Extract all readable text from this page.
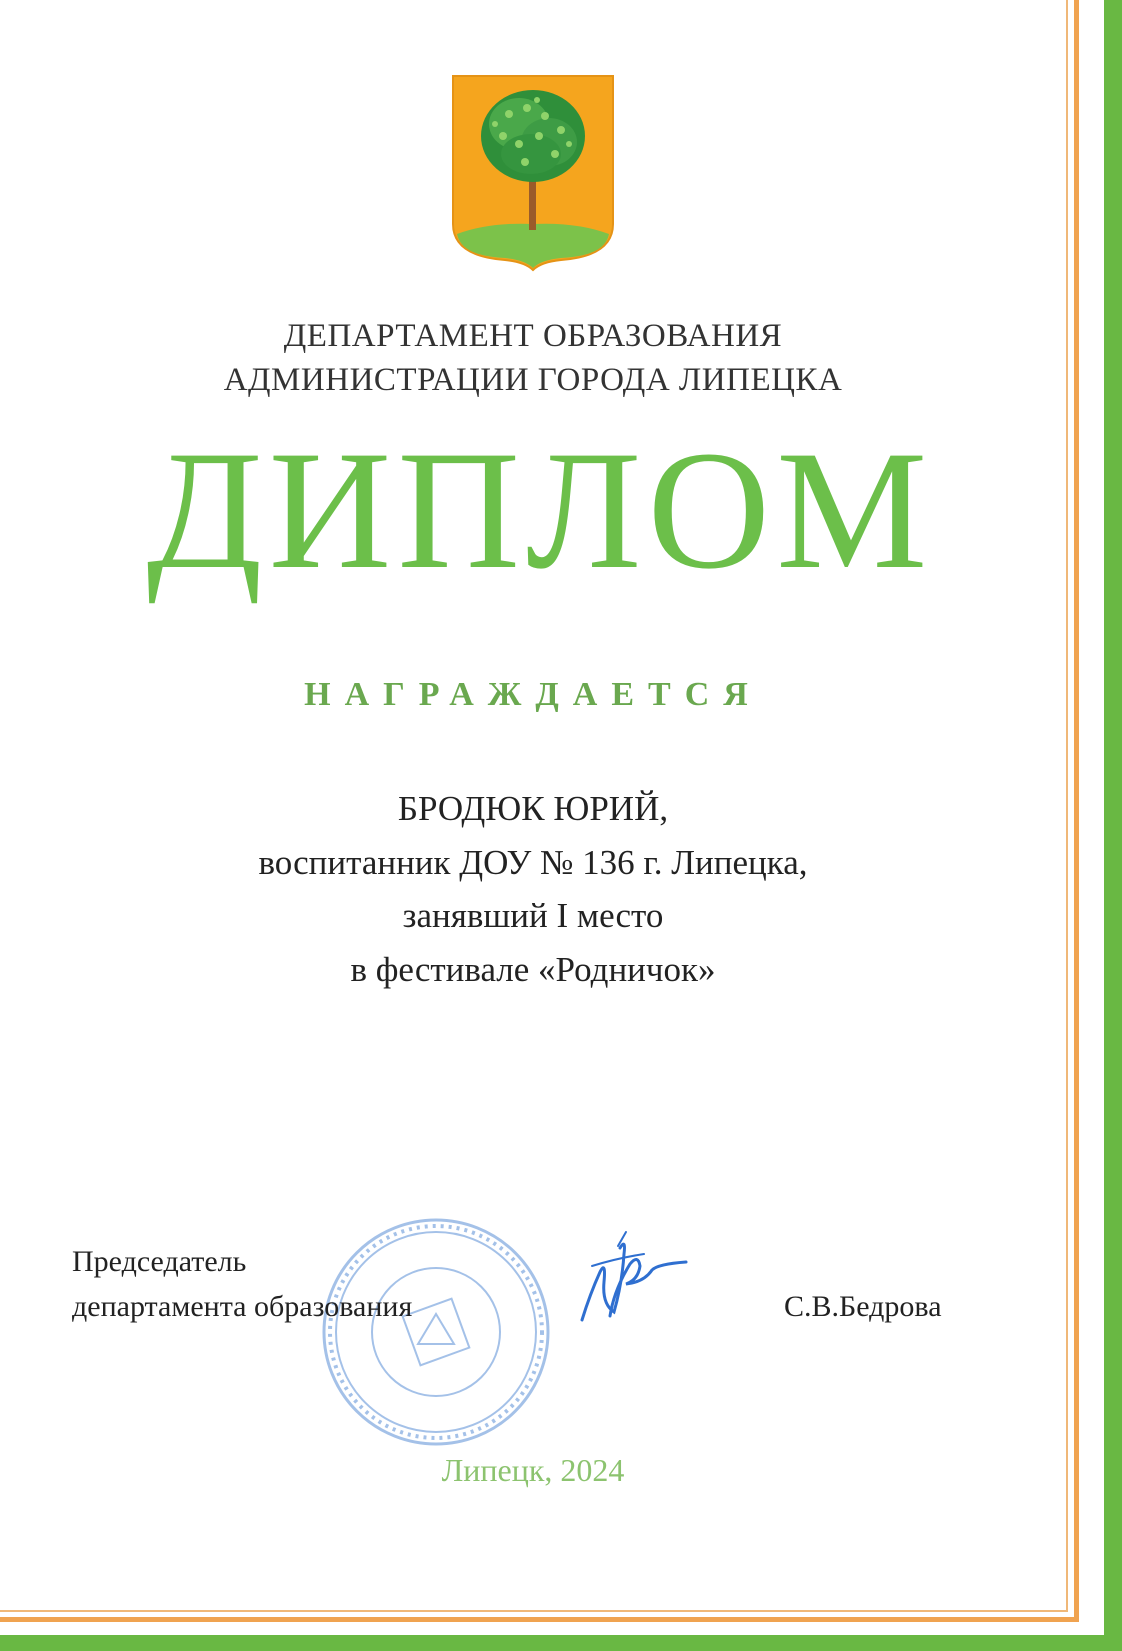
ДЕПАРТАМЕНТ ОБРАЗОВАНИЯ
АДМИНИСТРАЦИИ ГОРОДА ЛИПЕЦКА
ДИПЛОМ
НАГРАЖДАЕТСЯ
БРОДЮК ЮРИЙ,
воспитанник ДОУ № 136 г. Липецка,
занявший I место
в фестивале «Родничок»
Председатель
департамента образования	С.В.Бедрова
Липецк, 2024
